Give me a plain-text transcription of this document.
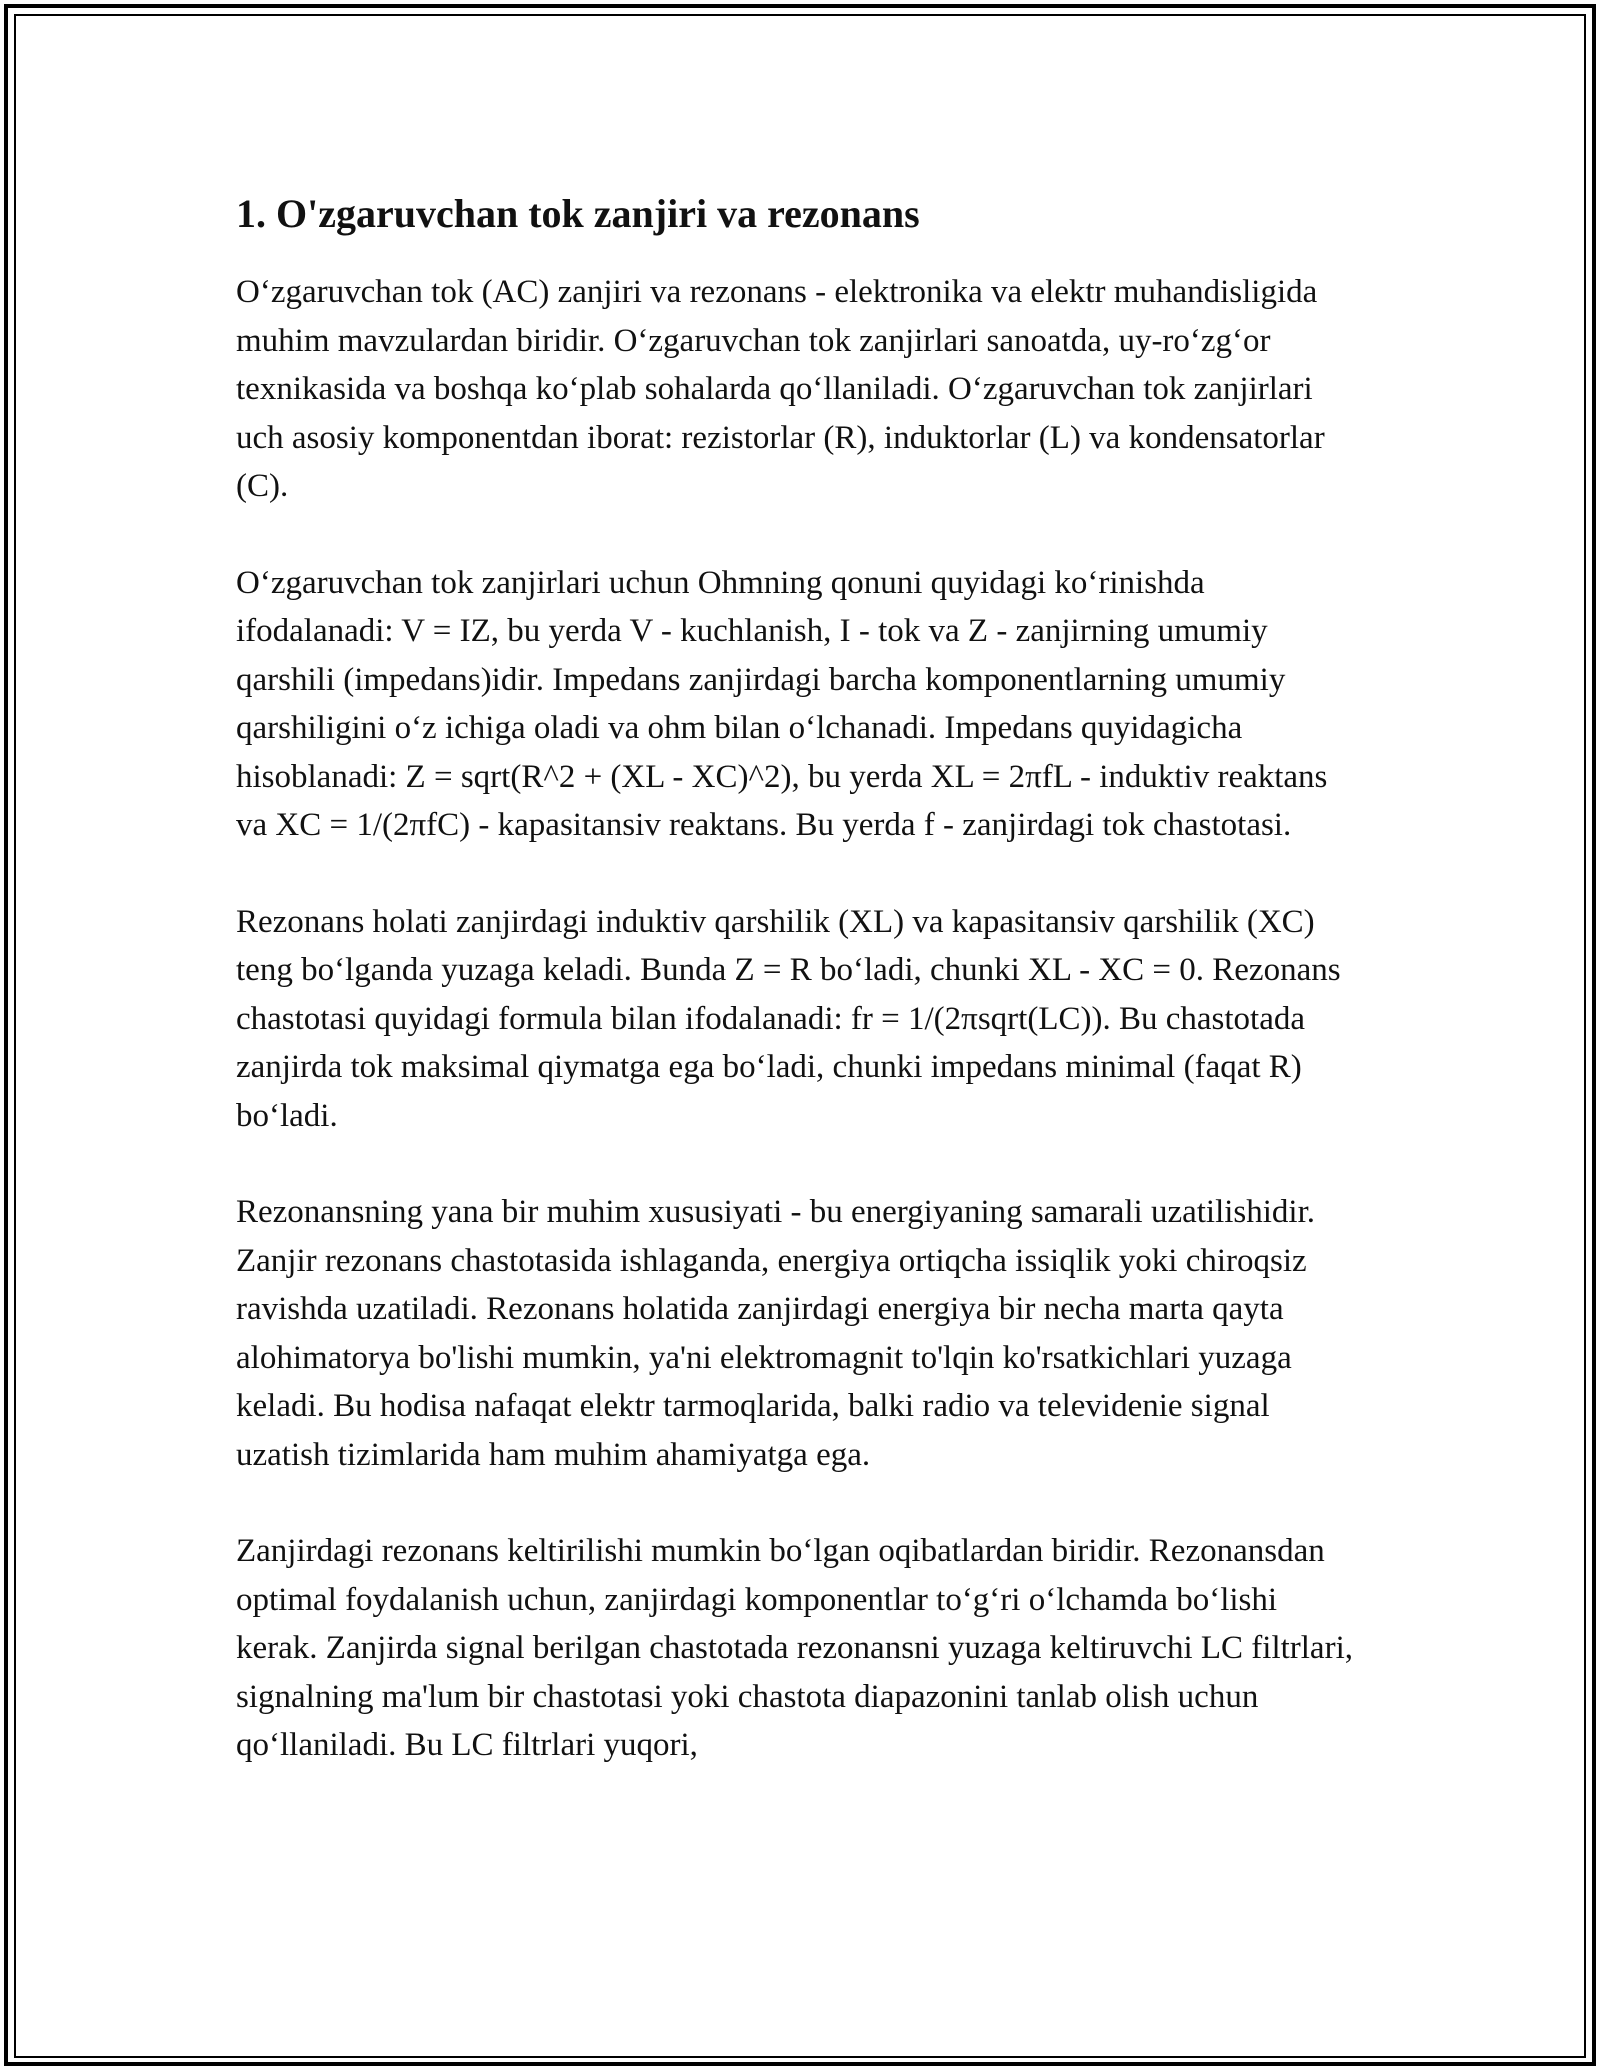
1. O'zgaruvchan tok zanjiri va rezonans

O‘zgaruvchan tok (AC) zanjiri va rezonans - elektronika va elektr muhandisligida muhim mavzulardan biridir. O‘zgaruvchan tok zanjirlari sanoatda, uy-ro‘zg‘or texnikasida va boshqa ko‘plab sohalarda qo‘llaniladi. O‘zgaruvchan tok zanjirlari uch asosiy komponentdan iborat: rezistorlar (R), induktorlar (L) va kondensatorlar (C).

O‘zgaruvchan tok zanjirlari uchun Ohmning qonuni quyidagi ko‘rinishda ifodalanadi: V = IZ, bu yerda V - kuchlanish, I - tok va Z - zanjirning umumiy qarshili (impedans)idir. Impedans zanjirdagi barcha komponentlarning umumiy qarshiligini o‘z ichiga oladi va ohm bilan o‘lchanadi. Impedans quyidagicha hisoblanadi: Z = sqrt(R^2 + (XL - XC)^2), bu yerda XL = 2πfL - induktiv reaktans va XC = 1/(2πfC) - kapasitansiv reaktans. Bu yerda f - zanjirdagi tok chastotasi.

Rezonans holati zanjirdagi induktiv qarshilik (XL) va kapasitansiv qarshilik (XC) teng bo‘lganda yuzaga keladi. Bunda Z = R bo‘ladi, chunki XL - XC = 0. Rezonans chastotasi quyidagi formula bilan ifodalanadi: fr = 1/(2πsqrt(LC)). Bu chastotada zanjirda tok maksimal qiymatga ega bo‘ladi, chunki impedans minimal (faqat R) bo‘ladi.

Rezonansning yana bir muhim xususiyati - bu energiyaning samarali uzatilishidir. Zanjir rezonans chastotasida ishlaganda, energiya ortiqcha issiqlik yoki chiroqsiz ravishda uzatiladi. Rezonans holatida zanjirdagi energiya bir necha marta qayta alohimatorya bo'lishi mumkin, ya'ni elektromagnit to'lqin ko'rsatkichlari yuzaga keladi. Bu hodisa nafaqat elektr tarmoqlarida, balki radio va televidenie signal uzatish tizimlarida ham muhim ahamiyatga ega.

Zanjirdagi rezonans keltirilishi mumkin bo‘lgan oqibatlardan biridir. Rezonansdan optimal foydalanish uchun, zanjirdagi komponentlar to‘g‘ri o‘lchamda bo‘lishi kerak. Zanjirda signal berilgan chastotada rezonansni yuzaga keltiruvchi LC filtrlari, signalning ma'lum bir chastotasi yoki chastota diapazonini tanlab olish uchun qo‘llaniladi. Bu LC filtrlari yuqori,
